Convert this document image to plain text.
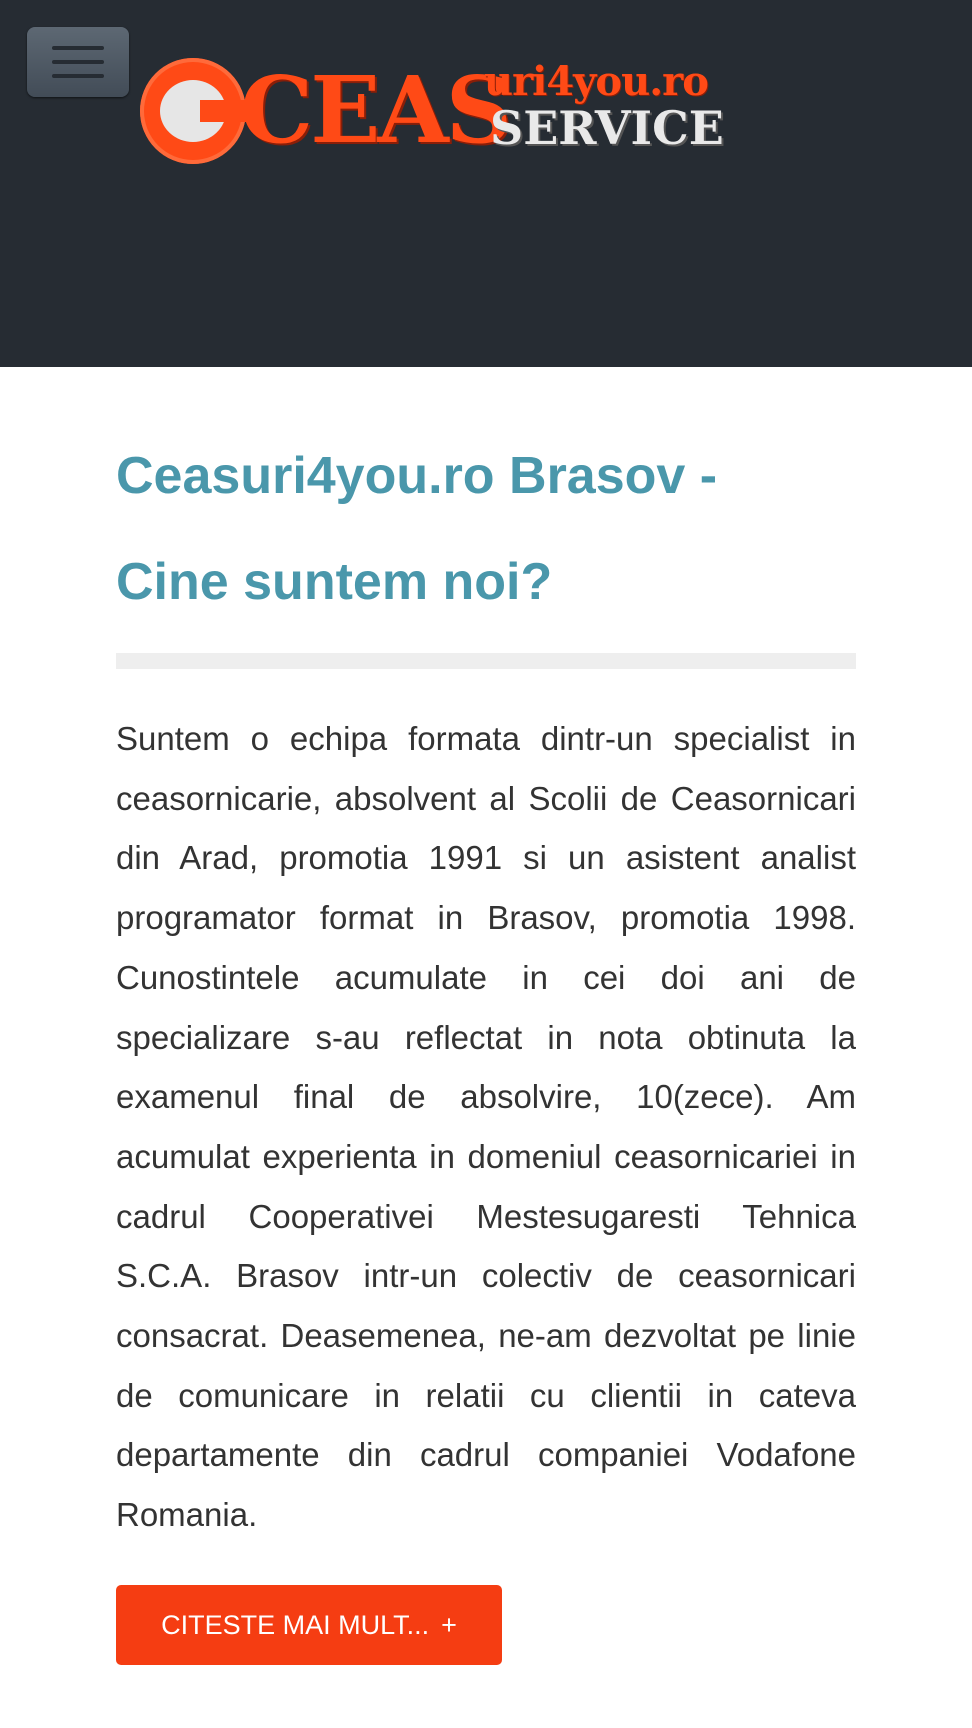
CEAS
uri4you.ro
SERVICE
Ceasuri4you.ro Brasov -
Cine suntem noi?

Suntem o echipa formata dintr-un specialist in ceasornicarie, absolvent al Scolii de Ceasornicari din Arad, promotia 1991 si un asistent analist programator format in Brasov, promotia 1998. Cunostintele acumulate in cei doi ani de specializare s-au reflectat in nota obtinuta la examenul final de absolvire, 10(zece). Am acumulat experienta in domeniul ceasornicariei in cadrul Cooperativei Mestesugaresti Tehnica S.C.A. Brasov intr-un colectiv de ceasornicari consacrat. Deasemenea, ne-am dezvoltat pe linie de comunicare in relatii cu clientii in cateva departamente din cadrul companiei Vodafone Romania.

CITESTE MAI MULT... +
